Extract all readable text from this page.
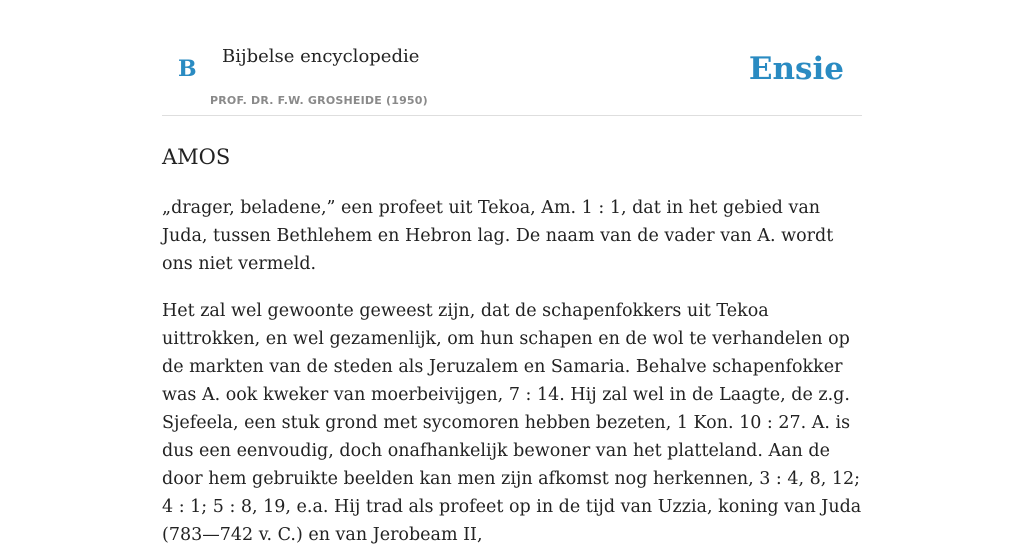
B Bijbelse encyclopedie
PROF. DR. F.W. GROSHEIDE (1950)
Ensie
AMOS

„drager, beladene,” een profeet uit Tekoa, Am. 1 : 1, dat in het gebied van Juda, tussen Bethlehem en Hebron lag. De naam van de vader van A. wordt ons niet vermeld.

Het zal wel gewoonte geweest zijn, dat de schapenfokkers uit Tekoa uittrokken, en wel gezamenlijk, om hun schapen en de wol te verhandelen op de markten van de steden als Jeruzalem en Samaria. Behalve schapenfokker was A. ook kweker van moerbeivijgen, 7 : 14. Hij zal wel in de Laagte, de z.g. Sjefeela, een stuk grond met sycomoren hebben bezeten, 1 Kon. 10 : 27. A. is dus een eenvoudig, doch onafhankelijk bewoner van het platteland. Aan de door hem gebruikte beelden kan men zijn afkomst nog herkennen, 3 : 4, 8, 12; 4 : 1; 5 : 8, 19, e.a. Hij trad als profeet op in de tijd van Uzzia, koning van Juda (783—742 v. C.) en van Jerobeam II,
